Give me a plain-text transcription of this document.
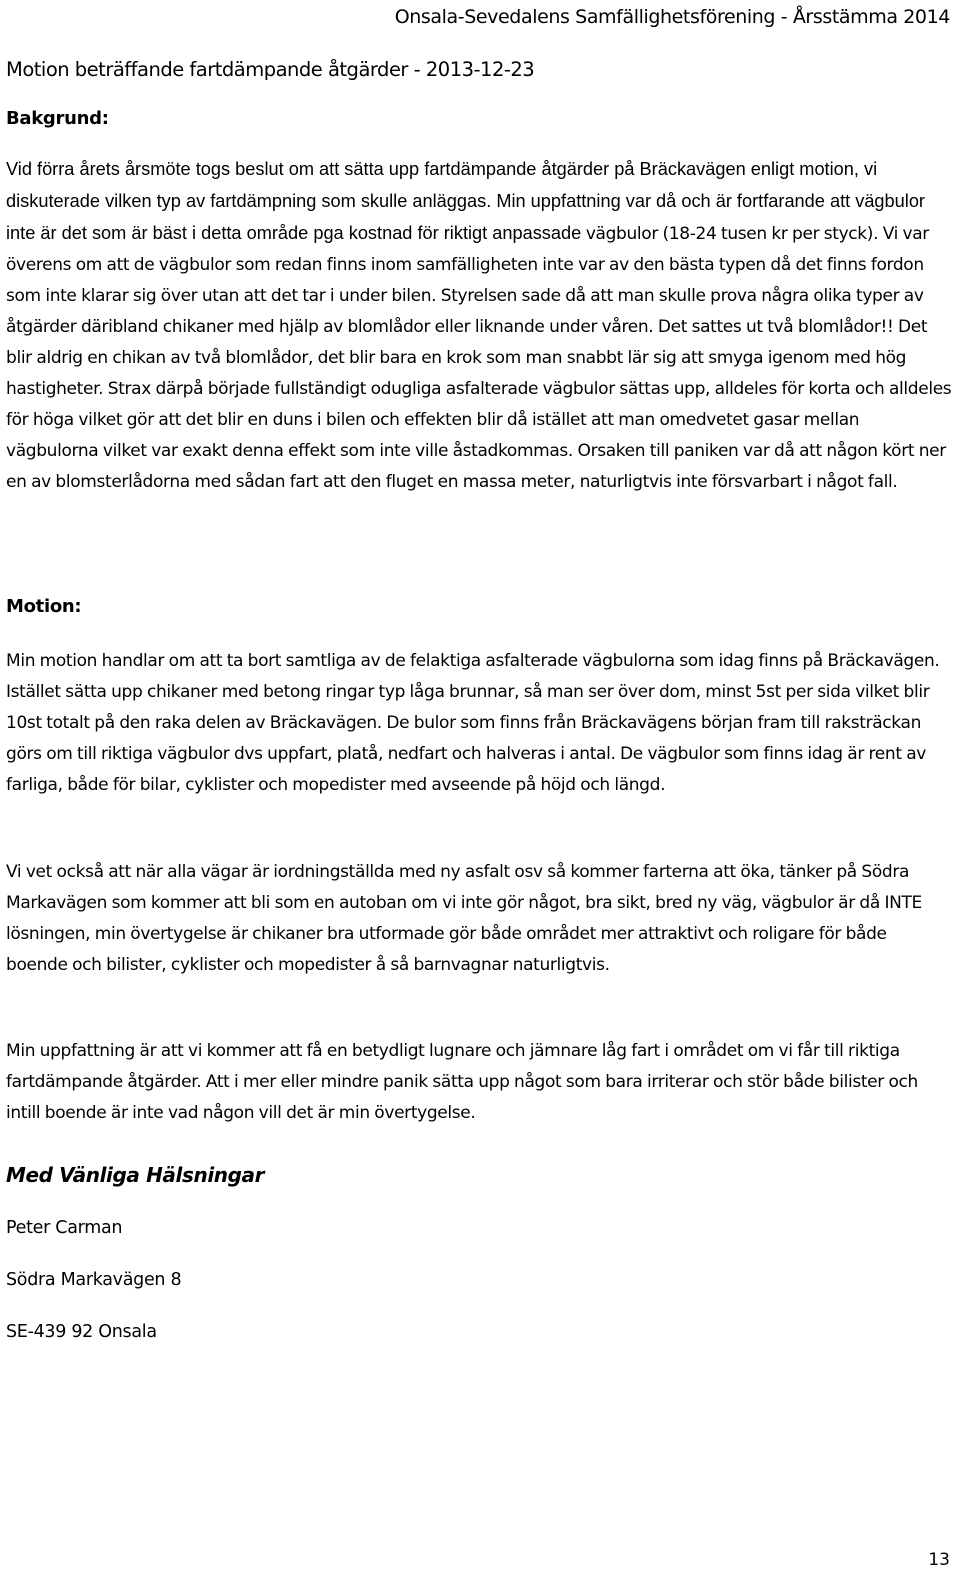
Onsala-Sevedalens Samfällighetsförening - Årsstämma 2014
Motion beträffande fartdämpande åtgärder - 2013-12-23
Bakgrund:

Vid förra årets årsmöte togs beslut om att sätta upp fartdämpande åtgärder på Bräckavägen enligt motion, vi diskuterade vilken typ av fartdämpning som skulle anläggas. Min uppfattning var då och är fortfarande att vägbulor inte är det som är bäst i detta område pga kostnad för riktigt anpassade vägbulor (18-24 tusen kr per styck). Vi var överens om att de vägbulor som redan finns inom samfälligheten inte var av den bästa typen då det finns fordon som inte klarar sig över utan att det tar i under bilen. Styrelsen sade då att man skulle prova några olika typer av åtgärder däribland chikaner med hjälp av blomlådor eller liknande under våren. Det sattes ut två blomlådor!! Det blir aldrig en chikan av två blomlådor, det blir bara en krok som man snabbt lär sig att smyga igenom med hög hastigheter. Strax därpå började fullständigt odugliga asfalterade vägbulor sättas upp, alldeles för korta och alldeles för höga vilket gör att det blir en duns i bilen och effekten blir då istället att man omedvetet gasar mellan vägbulorna vilket var exakt denna effekt som inte ville åstadkommas. Orsaken till paniken var då att någon kört ner en av blomsterlådorna med sådan fart att den fluget en massa meter, naturligtvis inte försvarbart i något fall.

Motion:

Min motion handlar om att ta bort samtliga av de felaktiga asfalterade vägbulorna som idag finns på Bräckavägen. Istället sätta upp chikaner med betong ringar typ låga brunnar, så man ser över dom, minst 5st per sida vilket blir 10st totalt på den raka delen av Bräckavägen. De bulor som finns från Bräckavägens början fram till raksträckan görs om till riktiga vägbulor dvs uppfart, platå, nedfart och halveras i antal. De vägbulor som finns idag är rent av farliga, både för bilar, cyklister och mopedister med avseende på höjd och längd.

Vi vet också att när alla vägar är iordningställda med ny asfalt osv så kommer farterna att öka, tänker på Södra Markavägen som kommer att bli som en autoban om vi inte gör något, bra sikt, bred ny väg, vägbulor är då INTE lösningen, min övertygelse är chikaner bra utformade gör både området mer attraktivt och roligare för både boende och bilister, cyklister och mopedister å så barnvagnar naturligtvis.

Min uppfattning är att vi kommer att få en betydligt lugnare och jämnare låg fart i området om vi får till riktiga fartdämpande åtgärder. Att i mer eller mindre panik sätta upp något som bara irriterar och stör både bilister och intill boende är inte vad någon vill det är min övertygelse.

Med Vänliga Hälsningar
Peter Carman
Södra Markavägen 8
SE-439 92 Onsala
13
